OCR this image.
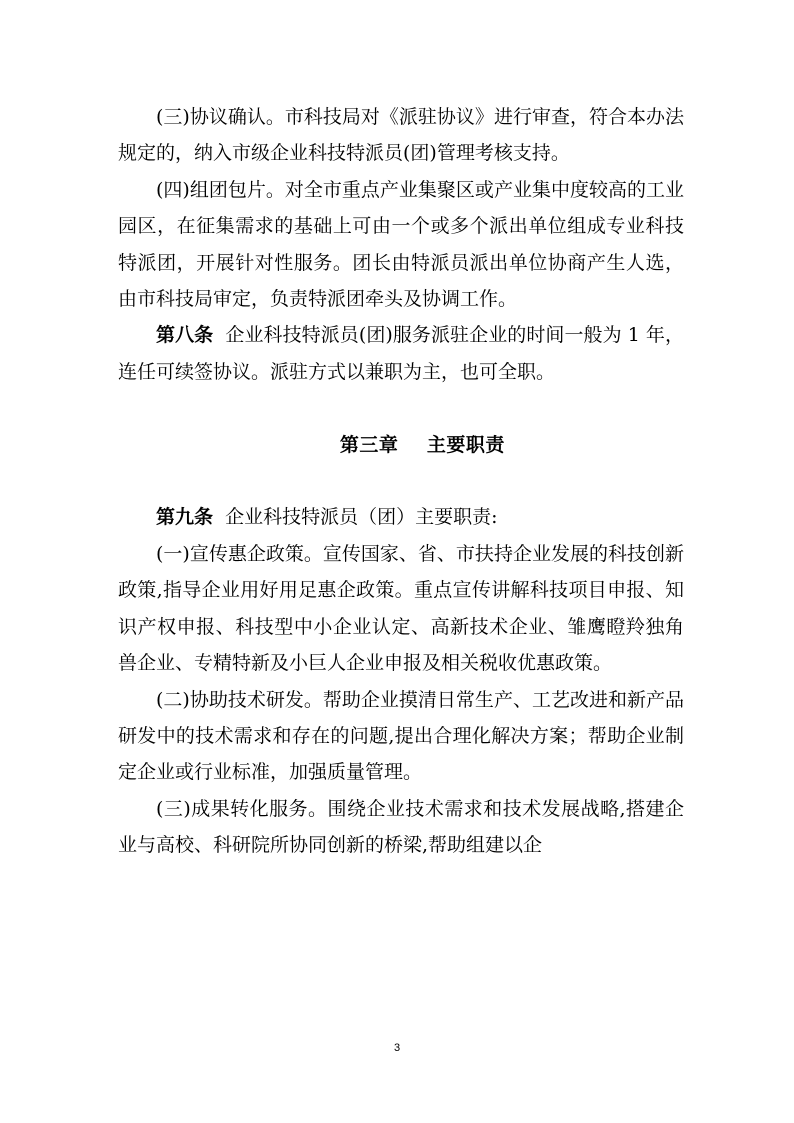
(三)协议确认。市科技局对《派驻协议》进行审查，符合本办法规定的，纳入市级企业科技特派员(团)管理考核支持。

(四)组团包片。对全市重点产业集聚区或产业集中度较高的工业园区，在征集需求的基础上可由一个或多个派出单位组成专业科技特派团，开展针对性服务。团长由特派员派出单位协商产生人选，由市科技局审定，负责特派团牵头及协调工作。

第八条  企业科技特派员(团)服务派驻企业的时间一般为 1 年，连任可续签协议。派驻方式以兼职为主，也可全职。

第三章    主要职责

第九条  企业科技特派员（团）主要职责:

(一)宣传惠企政策。宣传国家、省、市扶持企业发展的科技创新政策,指导企业用好用足惠企政策。重点宣传讲解科技项目申报、知识产权申报、科技型中小企业认定、高新技术企业、雏鹰瞪羚独角兽企业、专精特新及小巨人企业申报及相关税收优惠政策。

(二)协助技术研发。帮助企业摸清日常生产、工艺改进和新产品研发中的技术需求和存在的问题,提出合理化解决方案；帮助企业制定企业或行业标准，加强质量管理。

(三)成果转化服务。围绕企业技术需求和技术发展战略,搭建企业与高校、科研院所协同创新的桥梁,帮助组建以企

3
